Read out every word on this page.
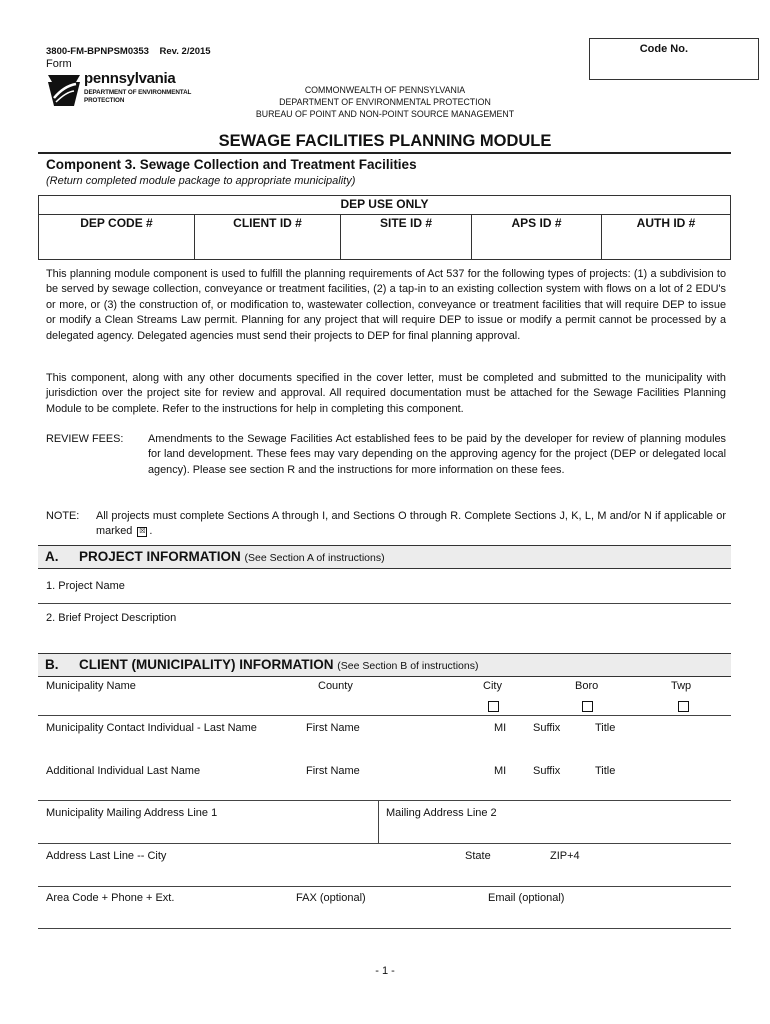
3800-FM-BPNPSM0353 Rev. 2/2015
Form
pennsylvania
DEPARTMENT OF ENVIRONMENTAL
PROTECTION
Code No.
COMMONWEALTH OF PENNSYLVANIA
DEPARTMENT OF ENVIRONMENTAL PROTECTION
BUREAU OF POINT AND NON-POINT SOURCE MANAGEMENT
SEWAGE FACILITIES PLANNING MODULE
Component 3. Sewage Collection and Treatment Facilities
(Return completed module package to appropriate municipality)
DEP USE ONLY
DEP CODE #	CLIENT ID #	SITE ID #	APS ID #	AUTH ID #
This planning module component is used to fulfill the planning requirements of Act 537 for the following types of projects: (1) a subdivision to be served by sewage collection, conveyance or treatment facilities, (2) a tap-in to an existing collection system with flows on a lot of 2 EDU's or more, or (3) the construction of, or modification to, wastewater collection, conveyance or treatment facilities that will require DEP to issue or modify a Clean Streams Law permit. Planning for any project that will require DEP to issue or modify a permit cannot be processed by a delegated agency. Delegated agencies must send their projects to DEP for final planning approval.
This component, along with any other documents specified in the cover letter, must be completed and submitted to the municipality with jurisdiction over the project site for review and approval. All required documentation must be attached for the Sewage Facilities Planning Module to be complete. Refer to the instructions for help in completing this component.
REVIEW FEES: Amendments to the Sewage Facilities Act established fees to be paid by the developer for review of planning modules for land development. These fees may vary depending on the approving agency for the project (DEP or delegated local agency). Please see section R and the instructions for more information on these fees.
NOTE: All projects must complete Sections A through I, and Sections O through R. Complete Sections J, K, L, M and/or N if applicable or marked ☒ .
A. PROJECT INFORMATION (See Section A of instructions)
1. Project Name
2. Brief Project Description
B. CLIENT (MUNICIPALITY) INFORMATION (See Section B of instructions)
Municipality Name	County	City	Boro	Twp
Municipality Contact Individual - Last Name	First Name	MI Suffix	Title
Additional Individual Last Name	First Name	MI Suffix	Title
Municipality Mailing Address Line 1	Mailing Address Line 2
Address Last Line -- City	State	ZIP+4
Area Code + Phone + Ext.	FAX (optional)	Email (optional)
- 1 -
